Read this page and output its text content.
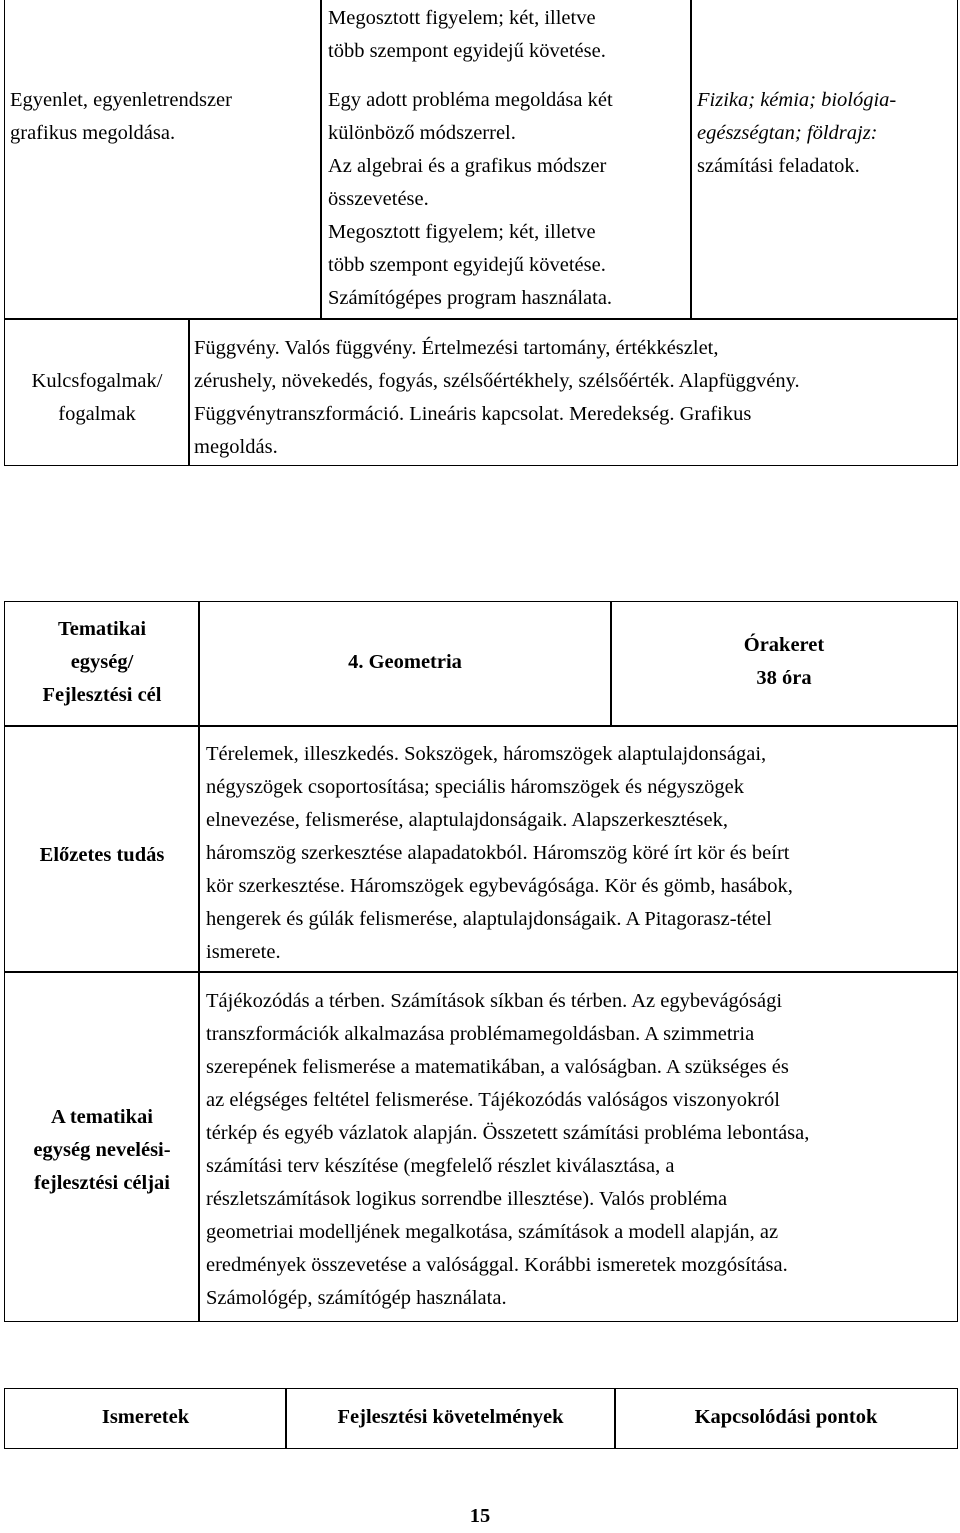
Egyenlet, egyenletrendszer
grafikus megoldása.
Megosztott figyelem; két, illetve
több szempont egyidejű követése.
Egy adott probléma megoldása két
különböző módszerrel.
Az algebrai és a grafikus módszer
összevetése.
Megosztott figyelem; két, illetve
több szempont egyidejű követése.
Számítógépes program használata.
Fizika; kémia; biológia-
egészségtan; földrajz:
számítási feladatok.
Kulcsfogalmak/
fogalmak
Függvény. Valós függvény. Értelmezési tartomány, értékkészlet,
zérushely, növekedés, fogyás, szélsőértékhely, szélsőérték. Alapfüggvény.
Függvénytranszformáció. Lineáris kapcsolat. Meredekség. Grafikus
megoldás.
Tematikai
egység/
Fejlesztési cél
4. Geometria
Órakeret
38 óra
Előzetes tudás
Térelemek, illeszkedés. Sokszögek, háromszögek alaptulajdonságai,
négyszögek csoportosítása; speciális háromszögek és négyszögek
elnevezése, felismerése, alaptulajdonságaik. Alapszerkesztések,
háromszög szerkesztése alapadatokból. Háromszög köré írt kör és beírt
kör szerkesztése. Háromszögek egybevágósága. Kör és gömb, hasábok,
hengerek és gúlák felismerése, alaptulajdonságaik. A Pitagorasz-tétel
ismerete.
A tematikai
egység nevelési-
fejlesztési céljai
Tájékozódás a térben. Számítások síkban és térben. Az egybevágósági
transzformációk alkalmazása problémamegoldásban. A szimmetria
szerepének felismerése a matematikában, a valóságban. A szükséges és
az elégséges feltétel felismerése. Tájékozódás valóságos viszonyokról
térkép és egyéb vázlatok alapján. Összetett számítási probléma lebontása,
számítási terv készítése (megfelelő részlet kiválasztása, a
részletszámítások logikus sorrendbe illesztése). Valós probléma
geometriai modelljének megalkotása, számítások a modell alapján, az
eredmények összevetése a valósággal. Korábbi ismeretek mozgósítása.
Számológép, számítógép használata.
Ismeretek	Fejlesztési követelmények	Kapcsolódási pontok
15
